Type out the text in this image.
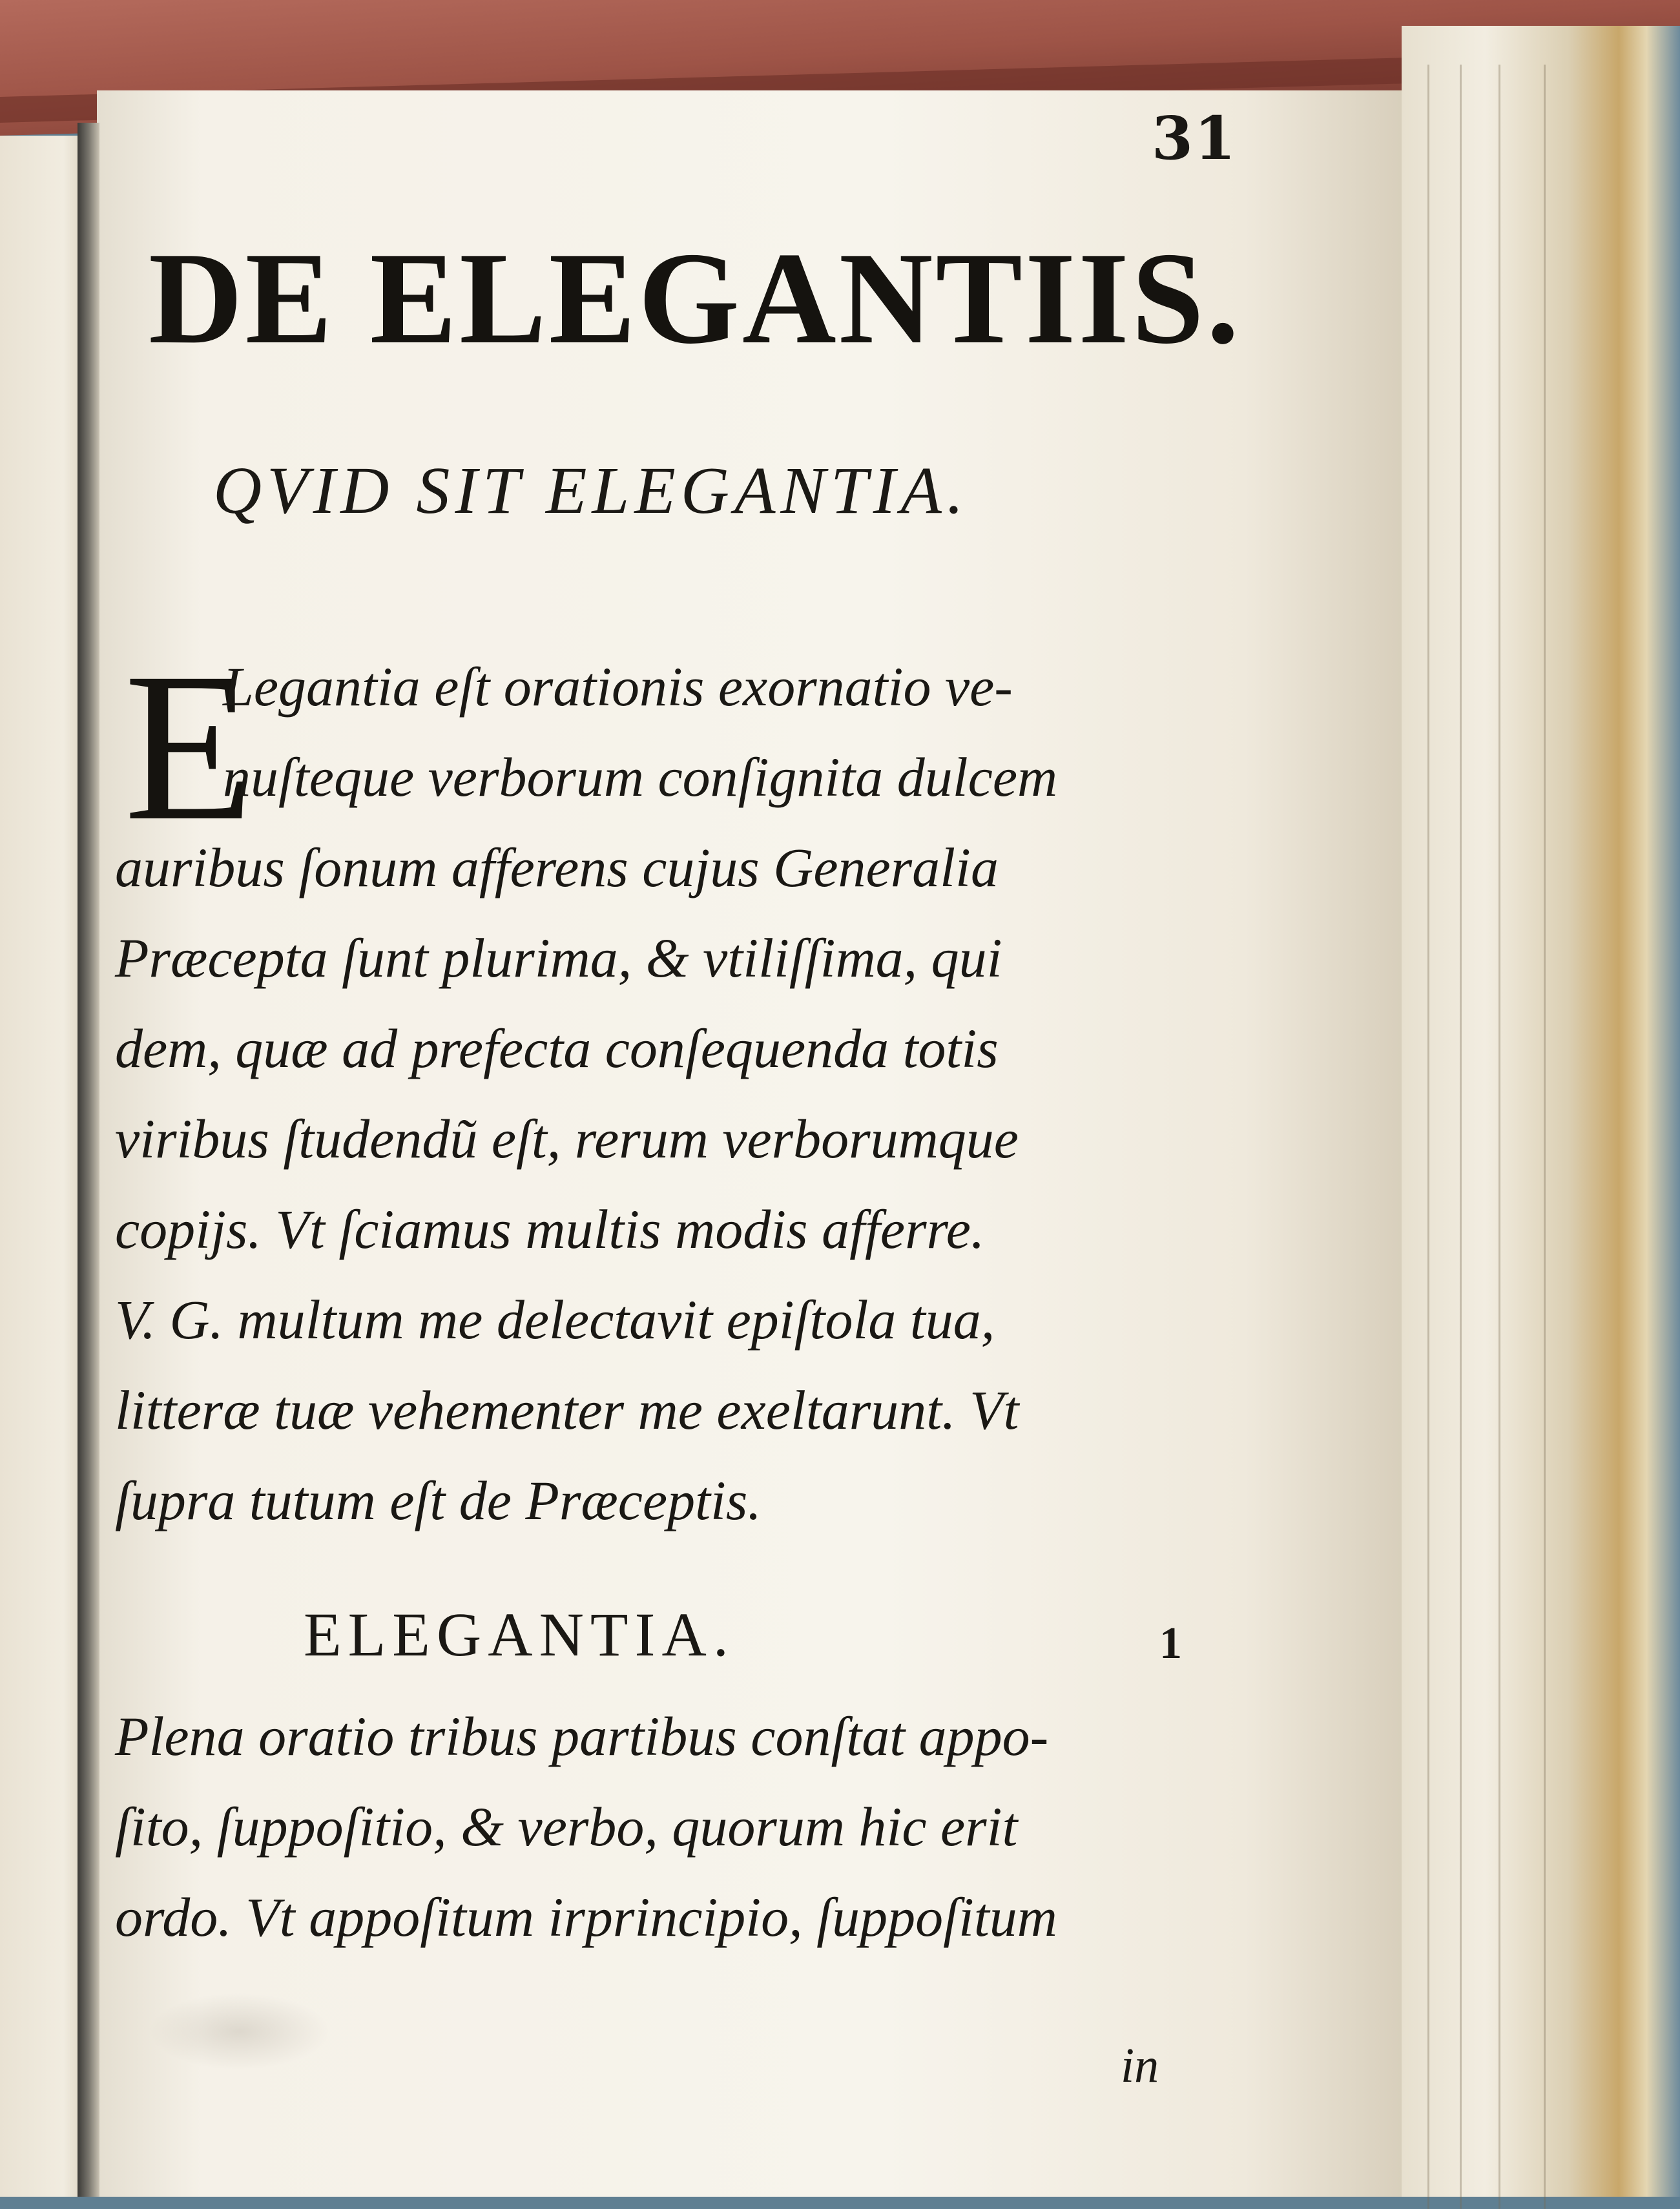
31
DE ELEGANTIIS.
QVID SIT ELEGANTIA.
E
Legantia eſt orationis exornatio ve-
nuſteque verborum conſignita dulcem
auribus ſonum afferens cujus Generalia
Præcepta ſunt plurima, & vtiliſſima, qui
dem, quæ ad prefecta conſequenda totis
viribus ſtudendũ eſt, rerum verborumque
copiјs. Vt ſciamus multis modis afferre.
V. G. multum me delectavit epiſtola tua,
litteræ tuæ vehementer me exeltarunt. Vt
ſupra tutum eſt de Præceptis.
ELEGANTIA.	1
Plena oratio tribus partibus conſtat appo-
ſito, ſuppoſitio, & verbo, quorum hic erit
ordo. Vt appoſitum irprincipio, ſuppoſitum
in
